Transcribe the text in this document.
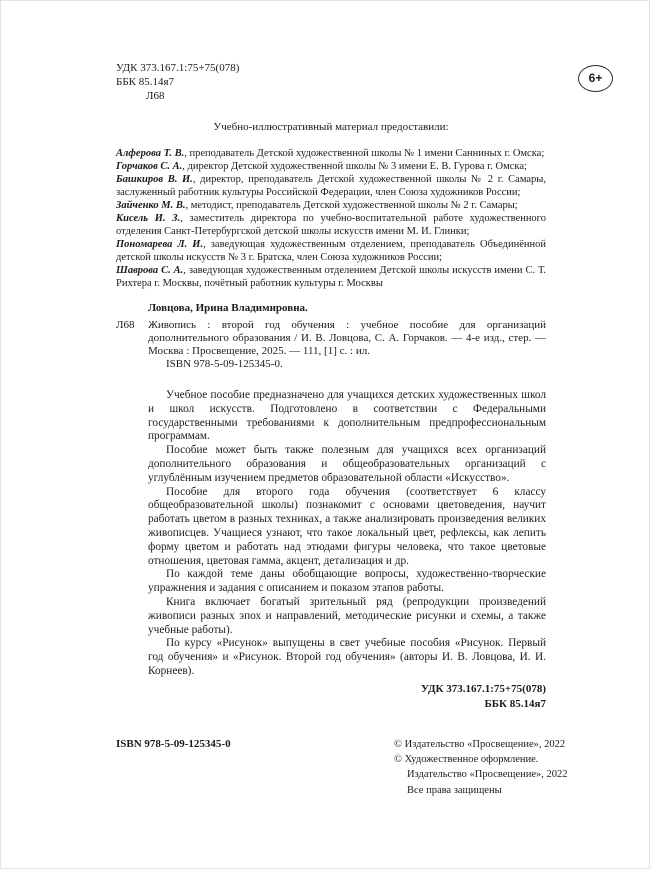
УДК 373.167.1:75+75(078)
ББК 85.14я7
Л68
6+
Учебно-иллюстративный материал предоставили:

Алферова Т. В., преподаватель Детской художественной школы № 1 имени Санниных г. Омска;

Горчаков С. А., директор Детской художественной школы № 3 имени Е. В. Гурова г. Омска;

Башкиров В. И., директор, преподаватель Детской художественной школы № 2 г. Самары, заслуженный работник культуры Российской Федерации, член Союза художников России;

Зайченко М. В., методист, преподаватель Детской художественной школы № 2 г. Самары;

Кисель И. З., заместитель директора по учебно-воспитательной работе художественного отделения Санкт-Петербургской детской школы искусств имени М. И. Глинки;

Пономарева Л. И., заведующая художественным отделением, преподаватель Объединённой детской школы искусств № 3 г. Братска, член Союза художников России;

Шаврова С. А., заведующая художественным отделением Детской школы искусств имени С. Т. Рихтера г. Москвы, почётный работник культуры г. Москвы

Ловцова, Ирина Владимировна.
Л68 Живопись : второй год обучения : учебное пособие для организаций дополнительного образования / И. В. Ловцова, С. А. Горчаков. — 4-е изд., стер. — Москва : Просвещение, 2025. — 111, [1] с. : ил.

ISBN 978-5-09-125345-0.

Учебное пособие предназначено для учащихся детских художественных школ и школ искусств. Подготовлено в соответствии с Федеральными государственными требованиями к дополнительным предпрофессиональным программам.

Пособие может быть также полезным для учащихся всех организаций дополнительного образования и общеобразовательных организаций с углублённым изучением предметов образовательной области «Искусство».

Пособие для второго года обучения (соответствует 6 классу общеобразовательной школы) познакомит с основами цветоведения, научит работать цветом в разных техниках, а также анализировать произведения великих живописцев. Учащиеся узнают, что такое локальный цвет, рефлексы, как лепить форму цветом и работать над этюдами фигуры человека, что такое цветовые отношения, цветовая гамма, акцент, детализация и др.

По каждой теме даны обобщающие вопросы, художественно-творческие упражнения и задания с описанием и показом этапов работы.

Книга включает богатый зрительный ряд (репродукции произведений живописи разных эпох и направлений, методические рисунки и схемы, а также учебные работы).

По курсу «Рисунок» выпущены в свет учебные пособия «Рисунок. Первый год обучения» и «Рисунок. Второй год обучения» (авторы И. В. Ловцова, И. И. Корнеев).

УДК 373.167.1:75+75(078)
ББК 85.14я7
ISBN 978-5-09-125345-0	© Издательство «Просвещение», 2022
© Художественное оформление.
Издательство «Просвещение», 2022
Все права защищены
